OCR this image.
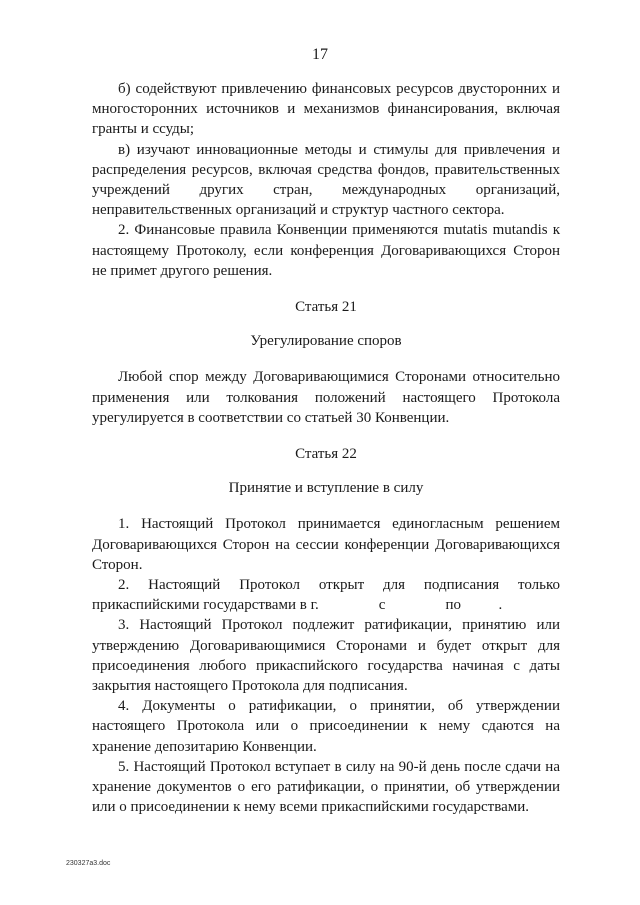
17

б) содействуют привлечению финансовых ресурсов двусторонних и многосторонних источников и механизмов финансирования, включая гранты и ссуды;

в) изучают инновационные методы и стимулы для привлечения и распределения ресурсов, включая средства фондов, правительственных учреждений других стран, международных организаций, неправительственных организаций и структур частного сектора.

2. Финансовые правила Конвенции применяются mutatis mutandis к настоящему Протоколу, если конференция Договаривающихся Сторон не примет другого решения.

Статья 21

Урегулирование споров

Любой спор между Договаривающимися Сторонами относительно применения или толкования положений настоящего Протокола урегулируется в соответствии со статьей 30 Конвенции.

Статья 22

Принятие и вступление в силу

1. Настоящий Протокол принимается единогласным решением Договаривающихся Сторон на сессии конференции Договаривающихся Сторон.

2. Настоящий Протокол открыт для подписания только прикаспийскими государствами в г.                с                по          .

3. Настоящий Протокол подлежит ратификации, принятию или утверждению Договаривающимися Сторонами и будет открыт для присоединения любого прикаспийского государства начиная с даты закрытия настоящего Протокола для подписания.

4. Документы о ратификации, о принятии, об утверждении настоящего Протокола или о присоединении к нему сдаются на хранение депозитарию Конвенции.

5. Настоящий Протокол вступает в силу на 90-й день после сдачи на хранение документов о его ратификации, о принятии, об утверждении или о присоединении к нему всеми прикаспийскими государствами.

230327a3.doc
